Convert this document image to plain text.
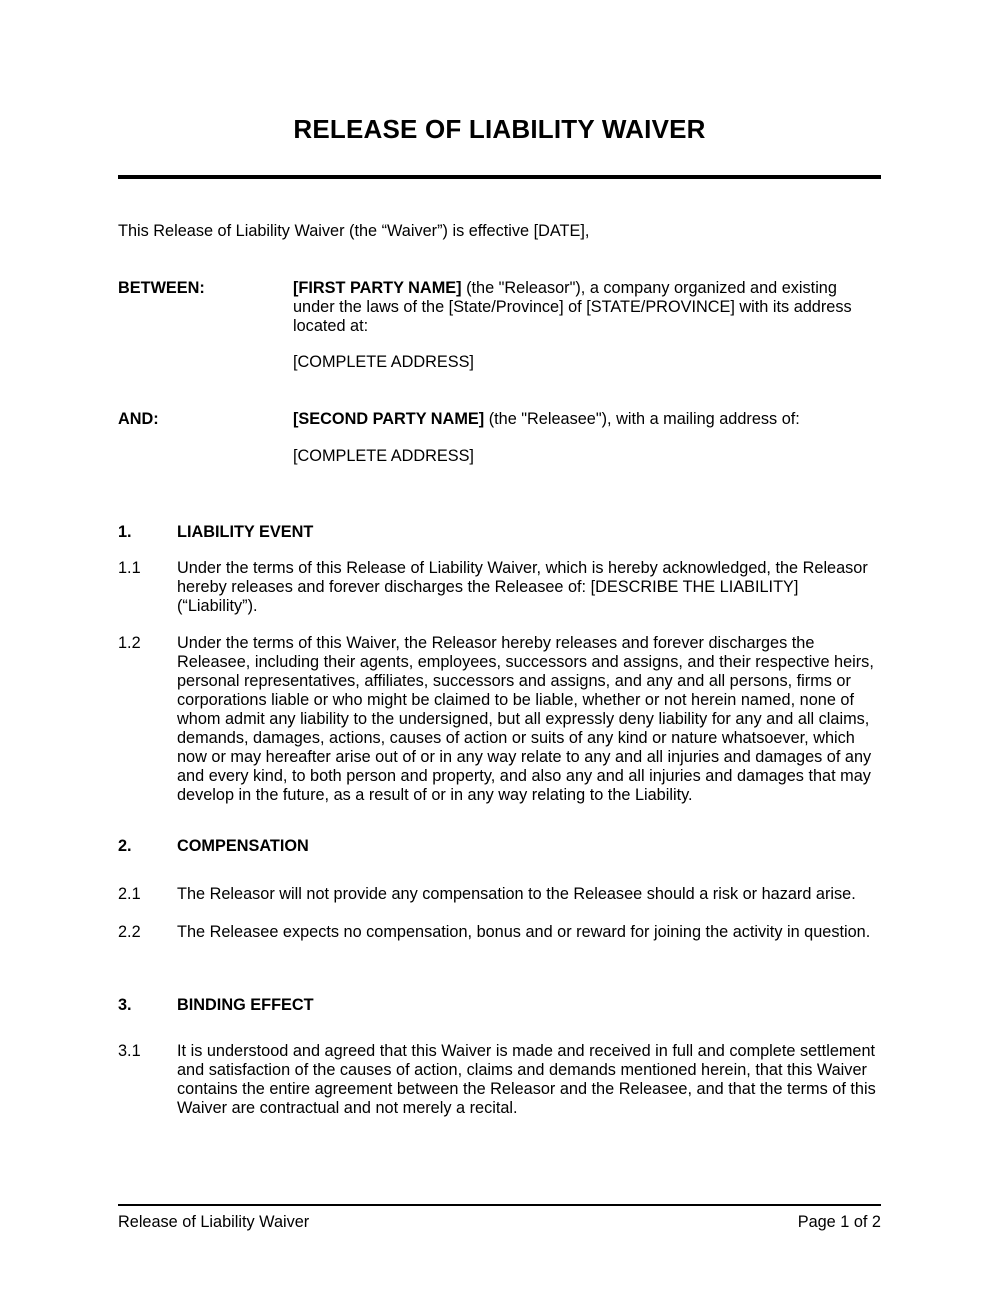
RELEASE OF LIABILITY WAIVER

This Release of Liability Waiver (the “Waiver”) is effective [DATE],

BETWEEN:	[FIRST PARTY NAME] (the "Releasor"), a company organized and existing
under the laws of the [State/Province] of [STATE/PROVINCE] with its address
located at:

[COMPLETE ADDRESS]

AND:	[SECOND PARTY NAME] (the "Releasee"), with a mailing address of:

[COMPLETE ADDRESS]

1.	LIABILITY EVENT
1.1	Under the terms of this Release of Liability Waiver, which is hereby acknowledged, the Releasor
hereby releases and forever discharges the Releasee of: [DESCRIBE THE LIABILITY]
(“Liability”).
1.2	Under the terms of this Waiver, the Releasor hereby releases and forever discharges the
Releasee, including their agents, employees, successors and assigns, and their respective heirs,
personal representatives, affiliates, successors and assigns, and any and all persons, firms or
corporations liable or who might be claimed to be liable, whether or not herein named, none of
whom admit any liability to the undersigned, but all expressly deny liability for any and all claims,
demands, damages, actions, causes of action or suits of any kind or nature whatsoever, which
now or may hereafter arise out of or in any way relate to any and all injuries and damages of any
and every kind, to both person and property, and also any and all injuries and damages that may
develop in the future, as a result of or in any way relating to the Liability.
2.	COMPENSATION
2.1	The Releasor will not provide any compensation to the Releasee should a risk or hazard arise.
2.2	The Releasee expects no compensation, bonus and or reward for joining the activity in question.
3.	BINDING EFFECT
3.1	It is understood and agreed that this Waiver is made and received in full and complete settlement
and satisfaction of the causes of action, claims and demands mentioned herein, that this Waiver
contains the entire agreement between the Releasor and the Releasee, and that the terms of this
Waiver are contractual and not merely a recital.
Release of Liability Waiver	Page 1 of 2
